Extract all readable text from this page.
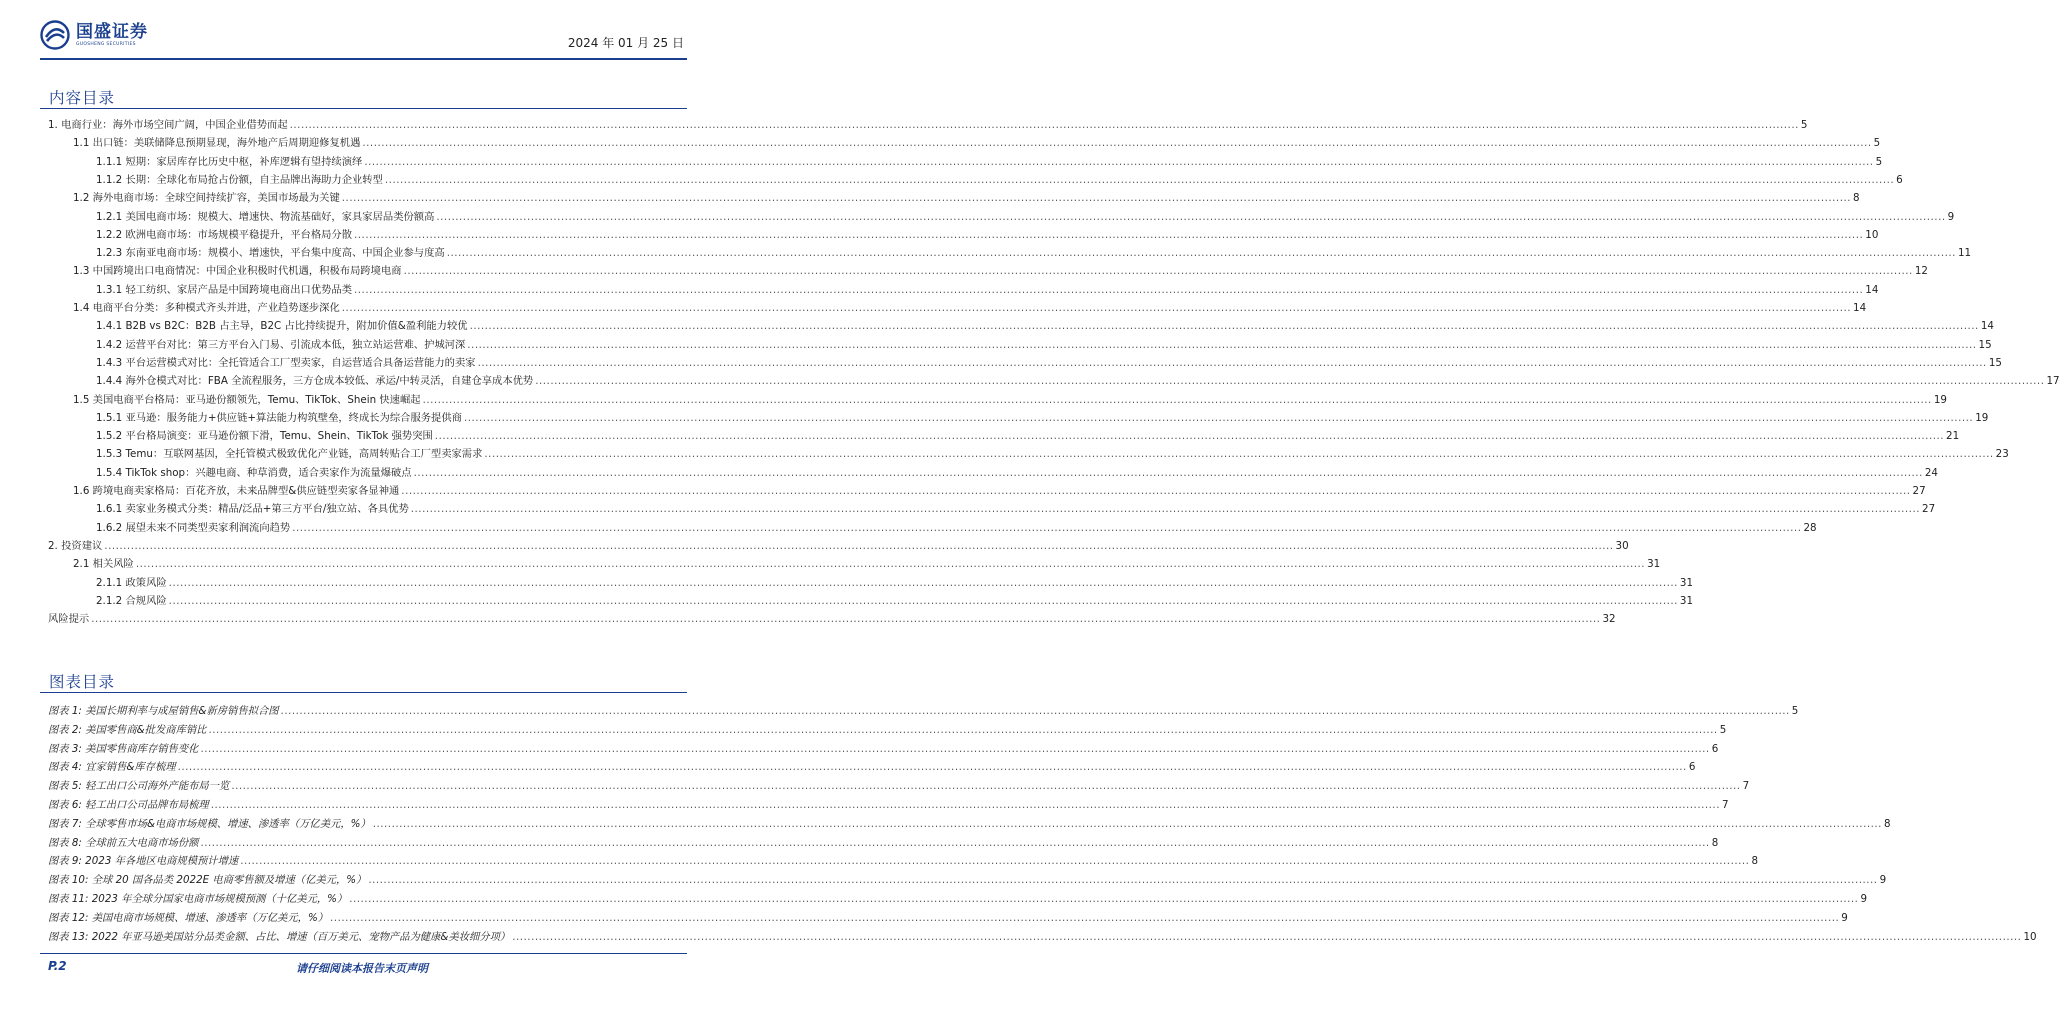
国盛证券
GUOSHENG SECURITIES	2024 年 01 月 25 日
内容目录
1. 电商行业：海外市场空间广阔，中国企业借势而起 ................................................................................................................................................................................................................................................................................................................................................................................................................ 5
1.1 出口链：美联储降息预期显现，海外地产后周期迎修复机遇 ................................................................................................................................................................................................................................................................................................................................................................................................................ 5
1.1.1 短期：家居库存比历史中枢，补库逻辑有望持续演绎 ................................................................................................................................................................................................................................................................................................................................................................................................................ 5
1.1.2 长期：全球化布局抢占份额，自主品牌出海助力企业转型 ................................................................................................................................................................................................................................................................................................................................................................................................................ 6
1.2 海外电商市场：全球空间持续扩容，美国市场最为关键 ................................................................................................................................................................................................................................................................................................................................................................................................................ 8
1.2.1 美国电商市场：规模大、增速快、物流基础好，家具家居品类份额高 ................................................................................................................................................................................................................................................................................................................................................................................................................ 9
1.2.2 欧洲电商市场：市场规模平稳提升，平台格局分散 ................................................................................................................................................................................................................................................................................................................................................................................................................ 10
1.2.3 东南亚电商市场：规模小、增速快，平台集中度高、中国企业参与度高 ................................................................................................................................................................................................................................................................................................................................................................................................................ 11
1.3 中国跨境出口电商情况：中国企业积极时代机遇，积极布局跨境电商 ................................................................................................................................................................................................................................................................................................................................................................................................................ 12
1.3.1 轻工纺织、家居产品是中国跨境电商出口优势品类 ................................................................................................................................................................................................................................................................................................................................................................................................................ 14
1.4 电商平台分类：多种模式齐头并进，产业趋势逐步深化 ................................................................................................................................................................................................................................................................................................................................................................................................................ 14
1.4.1 B2B vs B2C：B2B 占主导，B2C 占比持续提升，附加价值&盈利能力较优 ................................................................................................................................................................................................................................................................................................................................................................................................................ 14
1.4.2 运营平台对比：第三方平台入门易、引流成本低，独立站运营难、护城河深 ................................................................................................................................................................................................................................................................................................................................................................................................................ 15
1.4.3 平台运营模式对比：全托管适合工厂型卖家，自运营适合具备运营能力的卖家 ................................................................................................................................................................................................................................................................................................................................................................................................................ 15
1.4.4 海外仓模式对比：FBA 全流程服务，三方仓成本较低、承运/中转灵活，自建仓享成本优势 ................................................................................................................................................................................................................................................................................................................................................................................................................ 17
1.5 美国电商平台格局：亚马逊份额领先，Temu、TikTok、Shein 快速崛起 ................................................................................................................................................................................................................................................................................................................................................................................................................ 19
1.5.1 亚马逊：服务能力+供应链+算法能力构筑壁垒，终成长为综合服务提供商 ................................................................................................................................................................................................................................................................................................................................................................................................................ 19
1.5.2 平台格局演变：亚马逊份额下滑，Temu、Shein、TikTok 强势突围 ................................................................................................................................................................................................................................................................................................................................................................................................................ 21
1.5.3 Temu：互联网基因，全托管模式极致优化产业链，高周转贴合工厂型卖家需求 ................................................................................................................................................................................................................................................................................................................................................................................................................ 23
1.5.4 TikTok shop：兴趣电商、种草消费，适合卖家作为流量爆破点 ................................................................................................................................................................................................................................................................................................................................................................................................................ 24
1.6 跨境电商卖家格局：百花齐放，未来品牌型&供应链型卖家各显神通 ................................................................................................................................................................................................................................................................................................................................................................................................................ 27
1.6.1 卖家业务模式分类：精品/泛品+第三方平台/独立站、各具优势 ................................................................................................................................................................................................................................................................................................................................................................................................................ 27
1.6.2 展望未来不同类型卖家利润流向趋势 ................................................................................................................................................................................................................................................................................................................................................................................................................ 28
2. 投资建议 ................................................................................................................................................................................................................................................................................................................................................................................................................ 30
2.1 相关风险 ................................................................................................................................................................................................................................................................................................................................................................................................................ 31
2.1.1 政策风险 ................................................................................................................................................................................................................................................................................................................................................................................................................ 31
2.1.2 合规风险 ................................................................................................................................................................................................................................................................................................................................................................................................................ 31
风险提示 ................................................................................................................................................................................................................................................................................................................................................................................................................ 32
图表目录
图表 1: 美国长期利率与成屋销售&新房销售拟合图 ................................................................................................................................................................................................................................................................................................................................................................................................................ 5
图表 2: 美国零售商&批发商库销比 ................................................................................................................................................................................................................................................................................................................................................................................................................ 5
图表 3: 美国零售商库存销售变化 ................................................................................................................................................................................................................................................................................................................................................................................................................ 6
图表 4: 宜家销售&库存梳理 ................................................................................................................................................................................................................................................................................................................................................................................................................ 6
图表 5: 轻工出口公司海外产能布局一览 ................................................................................................................................................................................................................................................................................................................................................................................................................ 7
图表 6: 轻工出口公司品牌布局梳理 ................................................................................................................................................................................................................................................................................................................................................................................................................ 7
图表 7: 全球零售市场&电商市场规模、增速、渗透率（万亿美元，%） ................................................................................................................................................................................................................................................................................................................................................................................................................ 8
图表 8: 全球前五大电商市场份额 ................................................................................................................................................................................................................................................................................................................................................................................................................ 8
图表 9: 2023 年各地区电商规模预计增速 ................................................................................................................................................................................................................................................................................................................................................................................................................ 8
图表 10: 全球 20 国各品类 2022E 电商零售额及增速（亿美元，%） ................................................................................................................................................................................................................................................................................................................................................................................................................ 9
图表 11: 2023 年全球分国家电商市场规模预测（十亿美元，%） ................................................................................................................................................................................................................................................................................................................................................................................................................ 9
图表 12: 美国电商市场规模、增速、渗透率（万亿美元，%） ................................................................................................................................................................................................................................................................................................................................................................................................................ 9
图表 13: 2022 年亚马逊美国站分品类金额、占比、增速（百万美元、宠物产品为健康&美妆细分项） ................................................................................................................................................................................................................................................................................................................................................................................................................ 10
P.2	请仔细阅读本报告末页声明
